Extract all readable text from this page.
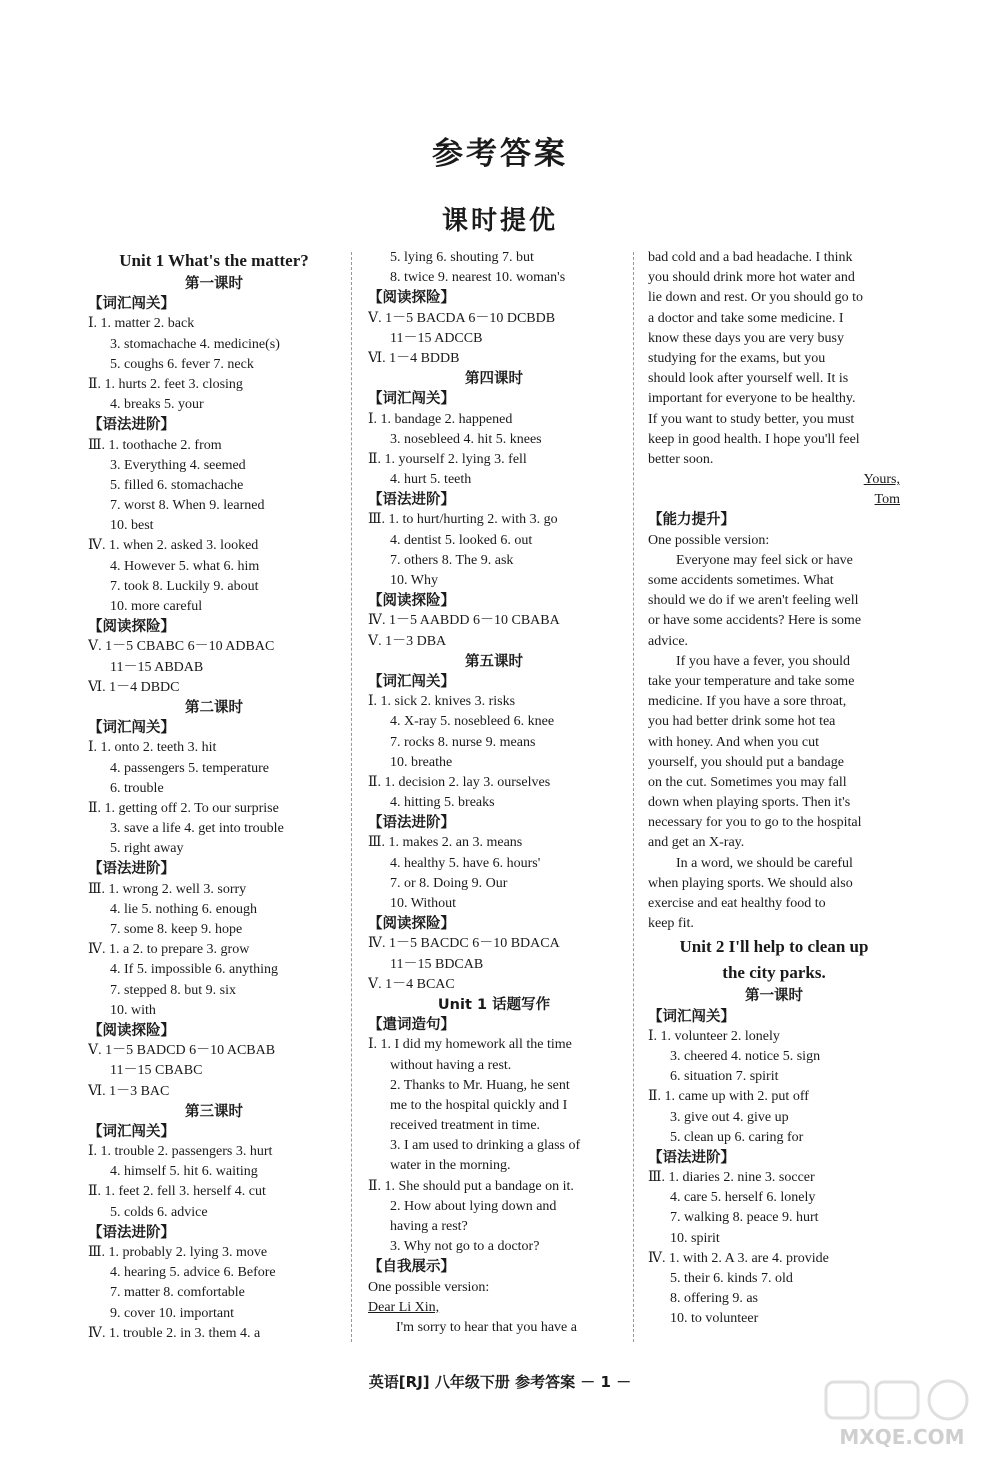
参考答案
课时提优
Unit 1 What's the matter?
第一课时
【词汇闯关】
Ⅰ. 1. matter 2. back
3. stomachache 4. medicine(s)
5. coughs 6. fever 7. neck
Ⅱ. 1. hurts 2. feet 3. closing
4. breaks 5. your
【语法进阶】
Ⅲ. 1. toothache 2. from
3. Everything 4. seemed
5. filled 6. stomachache
7. worst 8. When 9. learned
10. best
Ⅳ. 1. when 2. asked 3. looked
4. However 5. what 6. him
7. took 8. Luckily 9. about
10. more careful
【阅读探险】
Ⅴ. 1－5 CBABC 6－10 ADBAC
11－15 ABDAB
Ⅵ. 1－4 DBDC
第二课时
【词汇闯关】
Ⅰ. 1. onto 2. teeth 3. hit
4. passengers 5. temperature
6. trouble
Ⅱ. 1. getting off 2. To our surprise
3. save a life 4. get into trouble
5. right away
【语法进阶】
Ⅲ. 1. wrong 2. well 3. sorry
4. lie 5. nothing 6. enough
7. some 8. keep 9. hope
Ⅳ. 1. a 2. to prepare 3. grow
4. If 5. impossible 6. anything
7. stepped 8. but 9. six
10. with
【阅读探险】
Ⅴ. 1－5 BADCD 6－10 ACBAB
11－15 CBABC
Ⅵ. 1－3 BAC
第三课时
【词汇闯关】
Ⅰ. 1. trouble 2. passengers 3. hurt
4. himself 5. hit 6. waiting
Ⅱ. 1. feet 2. fell 3. herself 4. cut
5. colds 6. advice
【语法进阶】
Ⅲ. 1. probably 2. lying 3. move
4. hearing 5. advice 6. Before
7. matter 8. comfortable
9. cover 10. important
Ⅳ. 1. trouble 2. in 3. them 4. a
5. lying 6. shouting 7. but
8. twice 9. nearest 10. woman's
【阅读探险】
Ⅴ. 1－5 BACDA 6－10 DCBDB
11－15 ADCCB
Ⅵ. 1－4 BDDB
第四课时
【词汇闯关】
Ⅰ. 1. bandage 2. happened
3. nosebleed 4. hit 5. knees
Ⅱ. 1. yourself 2. lying 3. fell
4. hurt 5. teeth
【语法进阶】
Ⅲ. 1. to hurt/hurting 2. with 3. go
4. dentist 5. looked 6. out
7. others 8. The 9. ask
10. Why
【阅读探险】
Ⅳ. 1－5 AABDD 6－10 CBABA
Ⅴ. 1－3 DBA
第五课时
【词汇闯关】
Ⅰ. 1. sick 2. knives 3. risks
4. X-ray 5. nosebleed 6. knee
7. rocks 8. nurse 9. means
10. breathe
Ⅱ. 1. decision 2. lay 3. ourselves
4. hitting 5. breaks
【语法进阶】
Ⅲ. 1. makes 2. an 3. means
4. healthy 5. have 6. hours'
7. or 8. Doing 9. Our
10. Without
【阅读探险】
Ⅳ. 1－5 BACDC 6－10 BDACA
11－15 BDCAB
Ⅴ. 1－4 BCAC
Unit 1 话题写作
【遣词造句】
Ⅰ. 1. I did my homework all the time
without having a rest.
2. Thanks to Mr. Huang, he sent
me to the hospital quickly and I
received treatment in time.
3. I am used to drinking a glass of
water in the morning.
Ⅱ. 1. She should put a bandage on it.
2. How about lying down and
having a rest?
3. Why not go to a doctor?
【自我展示】
One possible version:
Dear Li Xin,
I'm sorry to hear that you have a
bad cold and a bad headache. I think
you should drink more hot water and
lie down and rest. Or you should go to
a doctor and take some medicine. I
know these days you are very busy
studying for the exams, but you
should look after yourself well. It is
important for everyone to be healthy.
If you want to study better, you must
keep in good health. I hope you'll feel
better soon.
Yours,
Tom
【能力提升】
One possible version:
Everyone may feel sick or have
some accidents sometimes. What
should we do if we aren't feeling well
or have some accidents? Here is some
advice.
If you have a fever, you should
take your temperature and take some
medicine. If you have a sore throat,
you had better drink some hot tea
with honey. And when you cut
yourself, you should put a bandage
on the cut. Sometimes you may fall
down when playing sports. Then it's
necessary for you to go to the hospital
and get an X-ray.
In a word, we should be careful
when playing sports. We should also
exercise and eat healthy food to
keep fit.
Unit 2 I'll help to clean up
the city parks.
第一课时
【词汇闯关】
Ⅰ. 1. volunteer 2. lonely
3. cheered 4. notice 5. sign
6. situation 7. spirit
Ⅱ. 1. came up with 2. put off
3. give out 4. give up
5. clean up 6. caring for
【语法进阶】
Ⅲ. 1. diaries 2. nine 3. soccer
4. care 5. herself 6. lonely
7. walking 8. peace 9. hurt
10. spirit
Ⅳ. 1. with 2. A 3. are 4. provide
5. their 6. kinds 7. old
8. offering 9. as
10. to volunteer
英语[RJ] 八年级下册 参考答案 － 1 －
MXQE.COM
